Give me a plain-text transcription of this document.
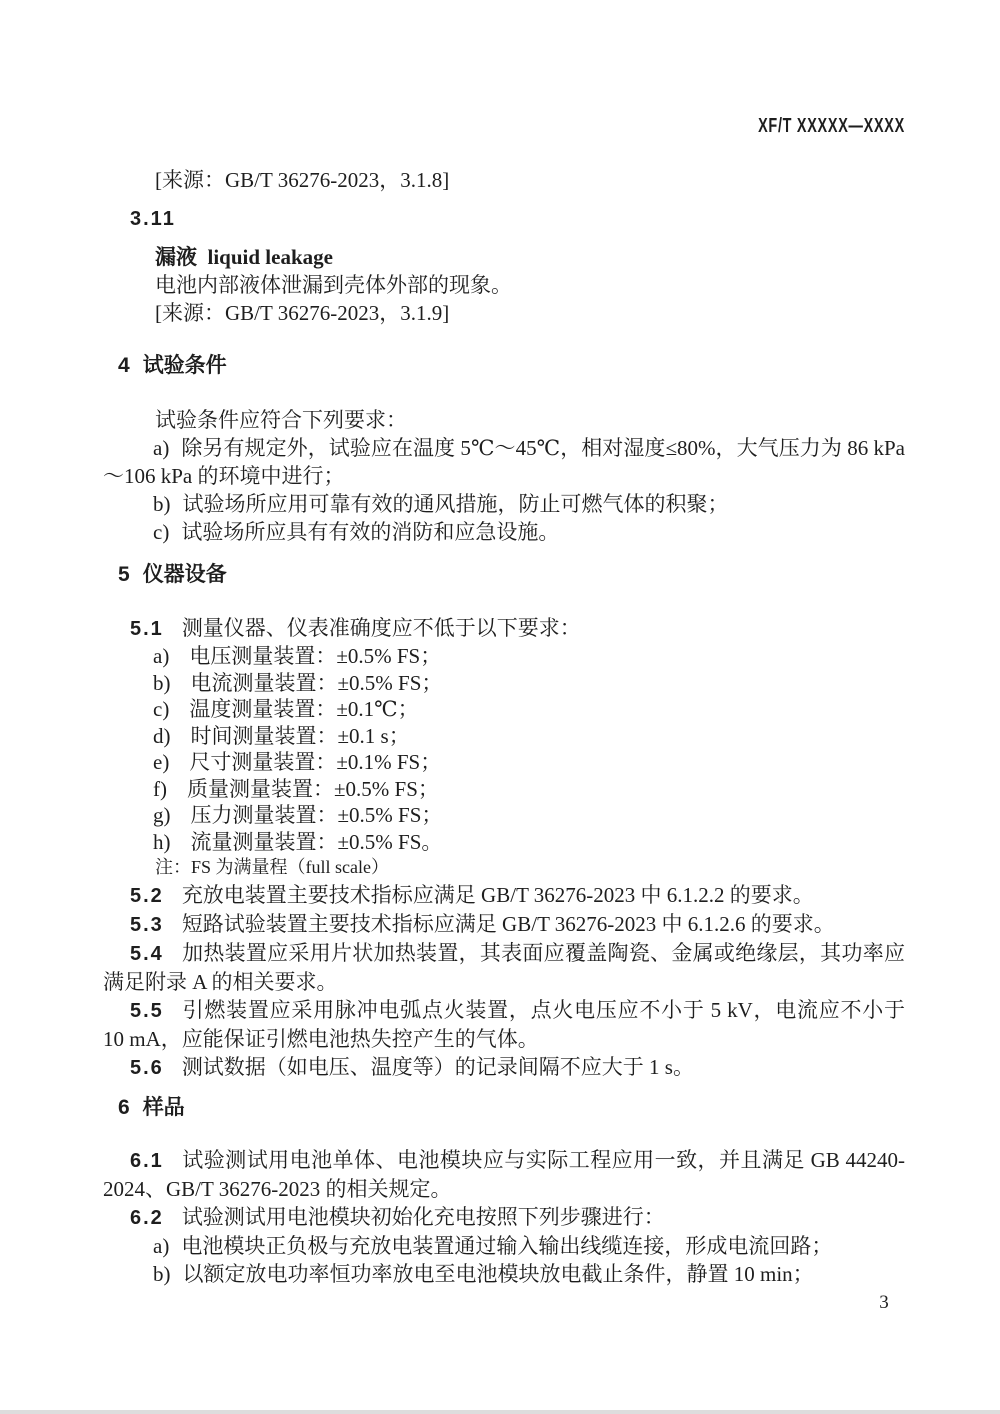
XF/T XXXXX—XXXX

[来源：GB/T 36276-2023，3.1.8]

3.11

漏液  liquid leakage

电池内部液体泄漏到壳体外部的现象。

[来源：GB/T 36276-2023，3.1.9]

4 试验条件

试验条件应符合下列要求：

a) 除另有规定外，试验应在温度 5℃～45℃，相对湿度≤80%，大气压力为 86 kPa～106 kPa 的环境中进行；

b) 试验场所应用可靠有效的通风措施，防止可燃气体的积聚；

c) 试验场所应具有有效的消防和应急设施。

5 仪器设备

5.1 测量仪器、仪表准确度应不低于以下要求：

a) 电压测量装置：±0.5% FS；

b) 电流测量装置：±0.5% FS；

c) 温度测量装置：±0.1℃；

d) 时间测量装置：±0.1 s；

e) 尺寸测量装置：±0.1% FS；

f) 质量测量装置：±0.5% FS；

g) 压力测量装置：±0.5% FS；

h) 流量测量装置：±0.5% FS。

注：FS 为满量程（full scale）

5.2 充放电装置主要技术指标应满足 GB/T 36276-2023 中 6.1.2.2 的要求。

5.3 短路试验装置主要技术指标应满足 GB/T 36276-2023 中 6.1.2.6 的要求。

5.4 加热装置应采用片状加热装置，其表面应覆盖陶瓷、金属或绝缘层，其功率应满足附录 A 的相关要求。

5.5 引燃装置应采用脉冲电弧点火装置，点火电压应不小于 5 kV，电流应不小于 10 mA，应能保证引燃电池热失控产生的气体。

5.6 测试数据（如电压、温度等）的记录间隔不应大于 1 s。

6 样品

6.1 试验测试用电池单体、电池模块应与实际工程应用一致，并且满足 GB 44240-2024、GB/T 36276-2023 的相关规定。

6.2 试验测试用电池模块初始化充电按照下列步骤进行：

a) 电池模块正负极与充放电装置通过输入输出线缆连接，形成电流回路；

b) 以额定放电功率恒功率放电至电池模块放电截止条件，静置 10 min；

3
